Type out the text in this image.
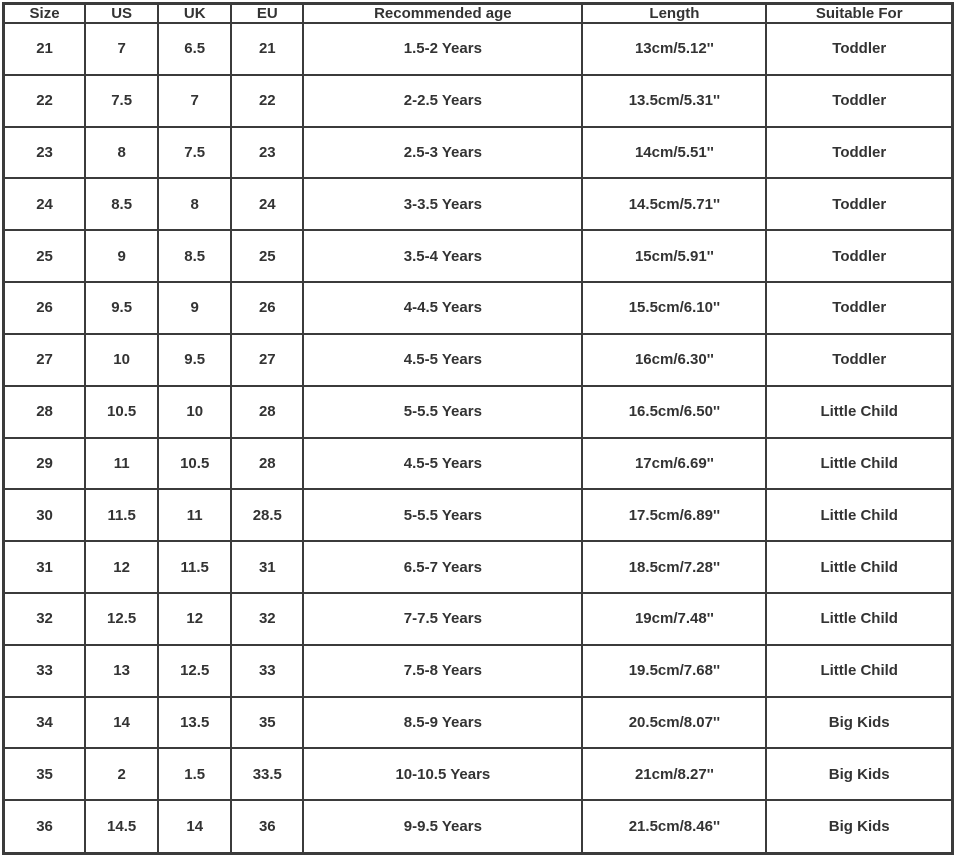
Size	US	UK	EU	Recommended age	Length	Suitable For
21	7	6.5	21	1.5-2 Years	13cm/5.12''	Toddler
22	7.5	7	22	2-2.5 Years	13.5cm/5.31''	Toddler
23	8	7.5	23	2.5-3 Years	14cm/5.51''	Toddler
24	8.5	8	24	3-3.5 Years	14.5cm/5.71''	Toddler
25	9	8.5	25	3.5-4 Years	15cm/5.91''	Toddler
26	9.5	9	26	4-4.5 Years	15.5cm/6.10''	Toddler
27	10	9.5	27	4.5-5 Years	16cm/6.30''	Toddler
28	10.5	10	28	5-5.5 Years	16.5cm/6.50''	Little Child
29	11	10.5	28	4.5-5 Years	17cm/6.69''	Little Child
30	11.5	11	28.5	5-5.5 Years	17.5cm/6.89''	Little Child
31	12	11.5	31	6.5-7 Years	18.5cm/7.28''	Little Child
32	12.5	12	32	7-7.5 Years	19cm/7.48''	Little Child
33	13	12.5	33	7.5-8 Years	19.5cm/7.68''	Little Child
34	14	13.5	35	8.5-9 Years	20.5cm/8.07''	Big Kids
35	2	1.5	33.5	10-10.5 Years	21cm/8.27''	Big Kids
36	14.5	14	36	9-9.5 Years	21.5cm/8.46''	Big Kids
